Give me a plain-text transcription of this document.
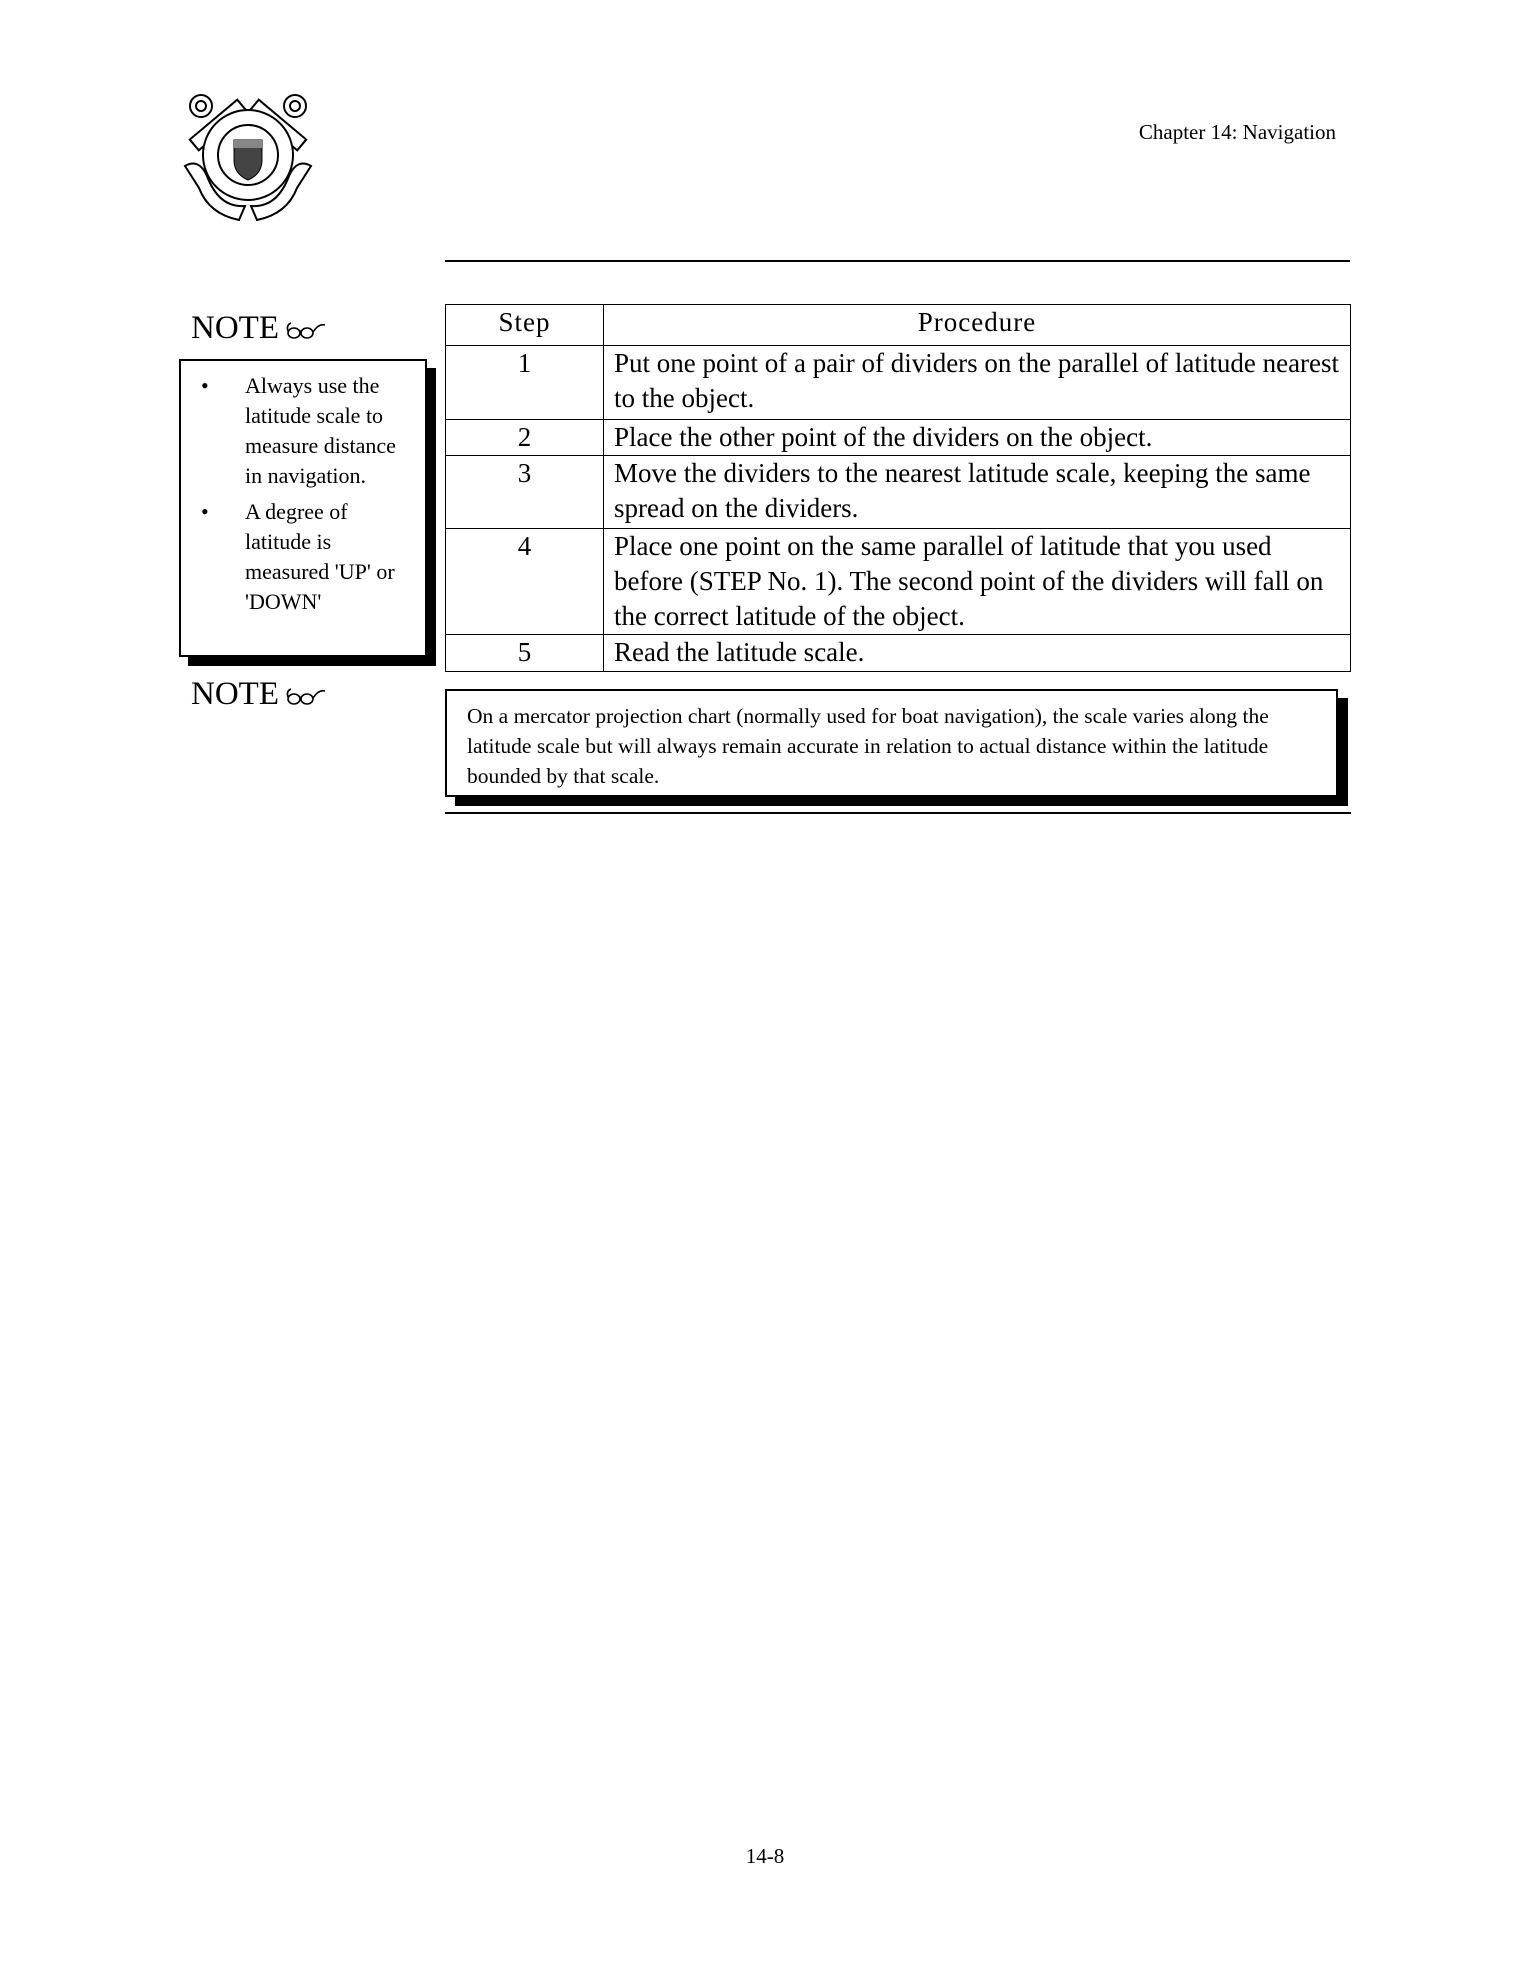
Chapter 14: Navigation
NOTE
• Always use the latitude scale to measure distance in navigation.
• A degree of latitude is measured 'UP' or 'DOWN'
NOTE
Step	Procedure
1	Put one point of a pair of dividers on the parallel of latitude nearest to the object.
2	Place the other point of the dividers on the object.
3	Move the dividers to the nearest latitude scale, keeping the same spread on the dividers.
4	Place one point on the same parallel of latitude that you used before (STEP No. 1). The second point of the dividers will fall on the correct latitude of the object.
5	Read the latitude scale.
On a mercator projection chart (normally used for boat navigation), the scale varies along the latitude scale but will always remain accurate in relation to actual distance within the latitude bounded by that scale.
14-8
